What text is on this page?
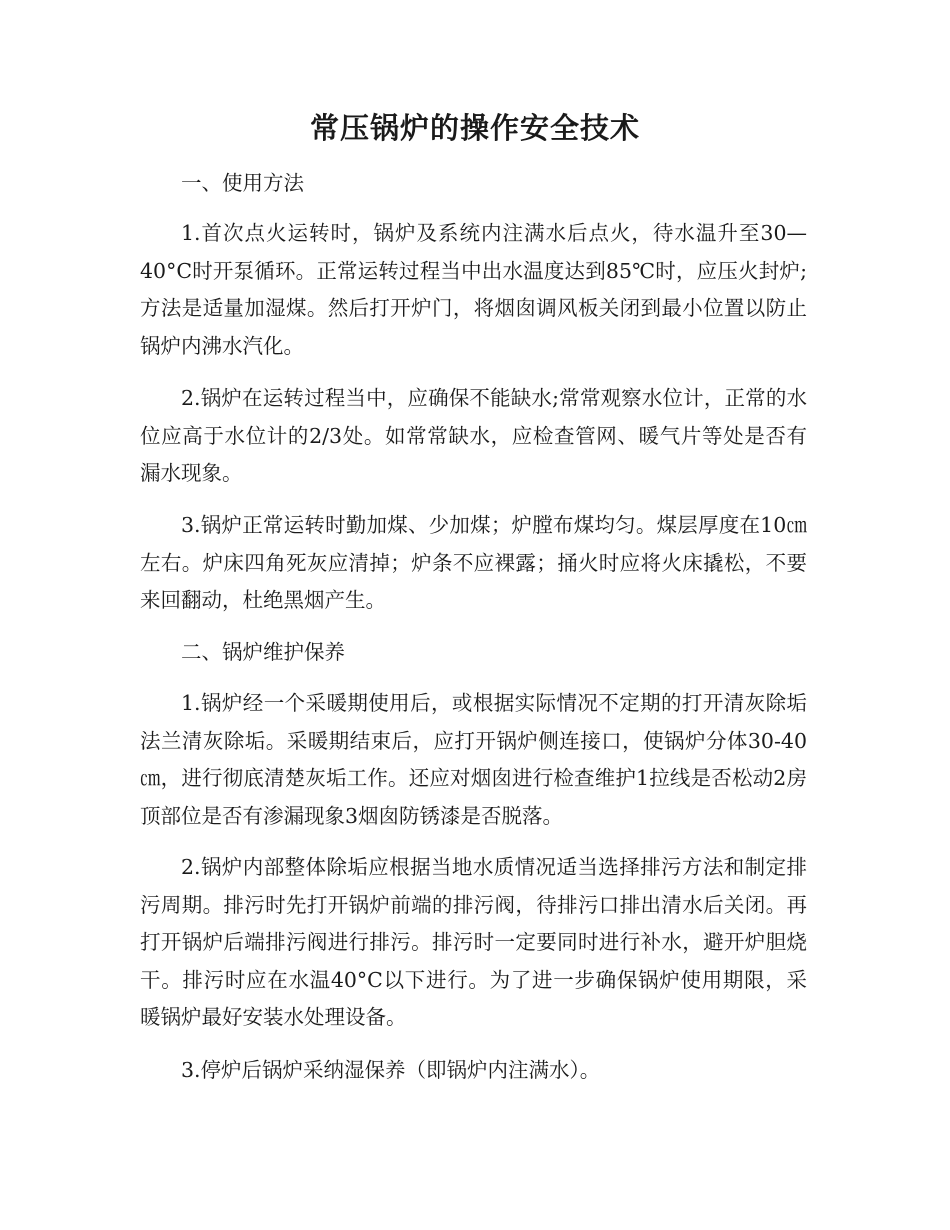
常压锅炉的操作安全技术

一、使用方法

1.首次点火运转时，锅炉及系统内注满水后点火，待水温升至30—40°C时开泵循环。正常运转过程当中出水温度达到85℃时，应压火封炉;方法是适量加湿煤。然后打开炉门，将烟囱调风板关闭到最小位置以防止锅炉内沸水汽化。

2.锅炉在运转过程当中，应确保不能缺水;常常观察水位计，正常的水位应高于水位计的2/3处。如常常缺水，应检查管网、暖气片等处是否有漏水现象。

3.锅炉正常运转时勤加煤、少加煤；炉膛布煤均匀。煤层厚度在10㎝左右。炉床四角死灰应清掉；炉条不应裸露；捅火时应将火床撬松，不要来回翻动，杜绝黑烟产生。

二、锅炉维护保养

1.锅炉经一个采暖期使用后，或根据实际情况不定期的打开清灰除垢法兰清灰除垢。采暖期结束后，应打开锅炉侧连接口，使锅炉分体30-40㎝，进行彻底清楚灰垢工作。还应对烟囱进行检查维护1拉线是否松动2房顶部位是否有渗漏现象3烟囱防锈漆是否脱落。

2.锅炉内部整体除垢应根据当地水质情况适当选择排污方法和制定排污周期。排污时先打开锅炉前端的排污阀，待排污口排出清水后关闭。再打开锅炉后端排污阀进行排污。排污时一定要同时进行补水，避开炉胆烧干。排污时应在水温40°C以下进行。为了进一步确保锅炉使用期限，采暖锅炉最好安装水处理设备。

3.停炉后锅炉采纳湿保养（即锅炉内注满水）。
